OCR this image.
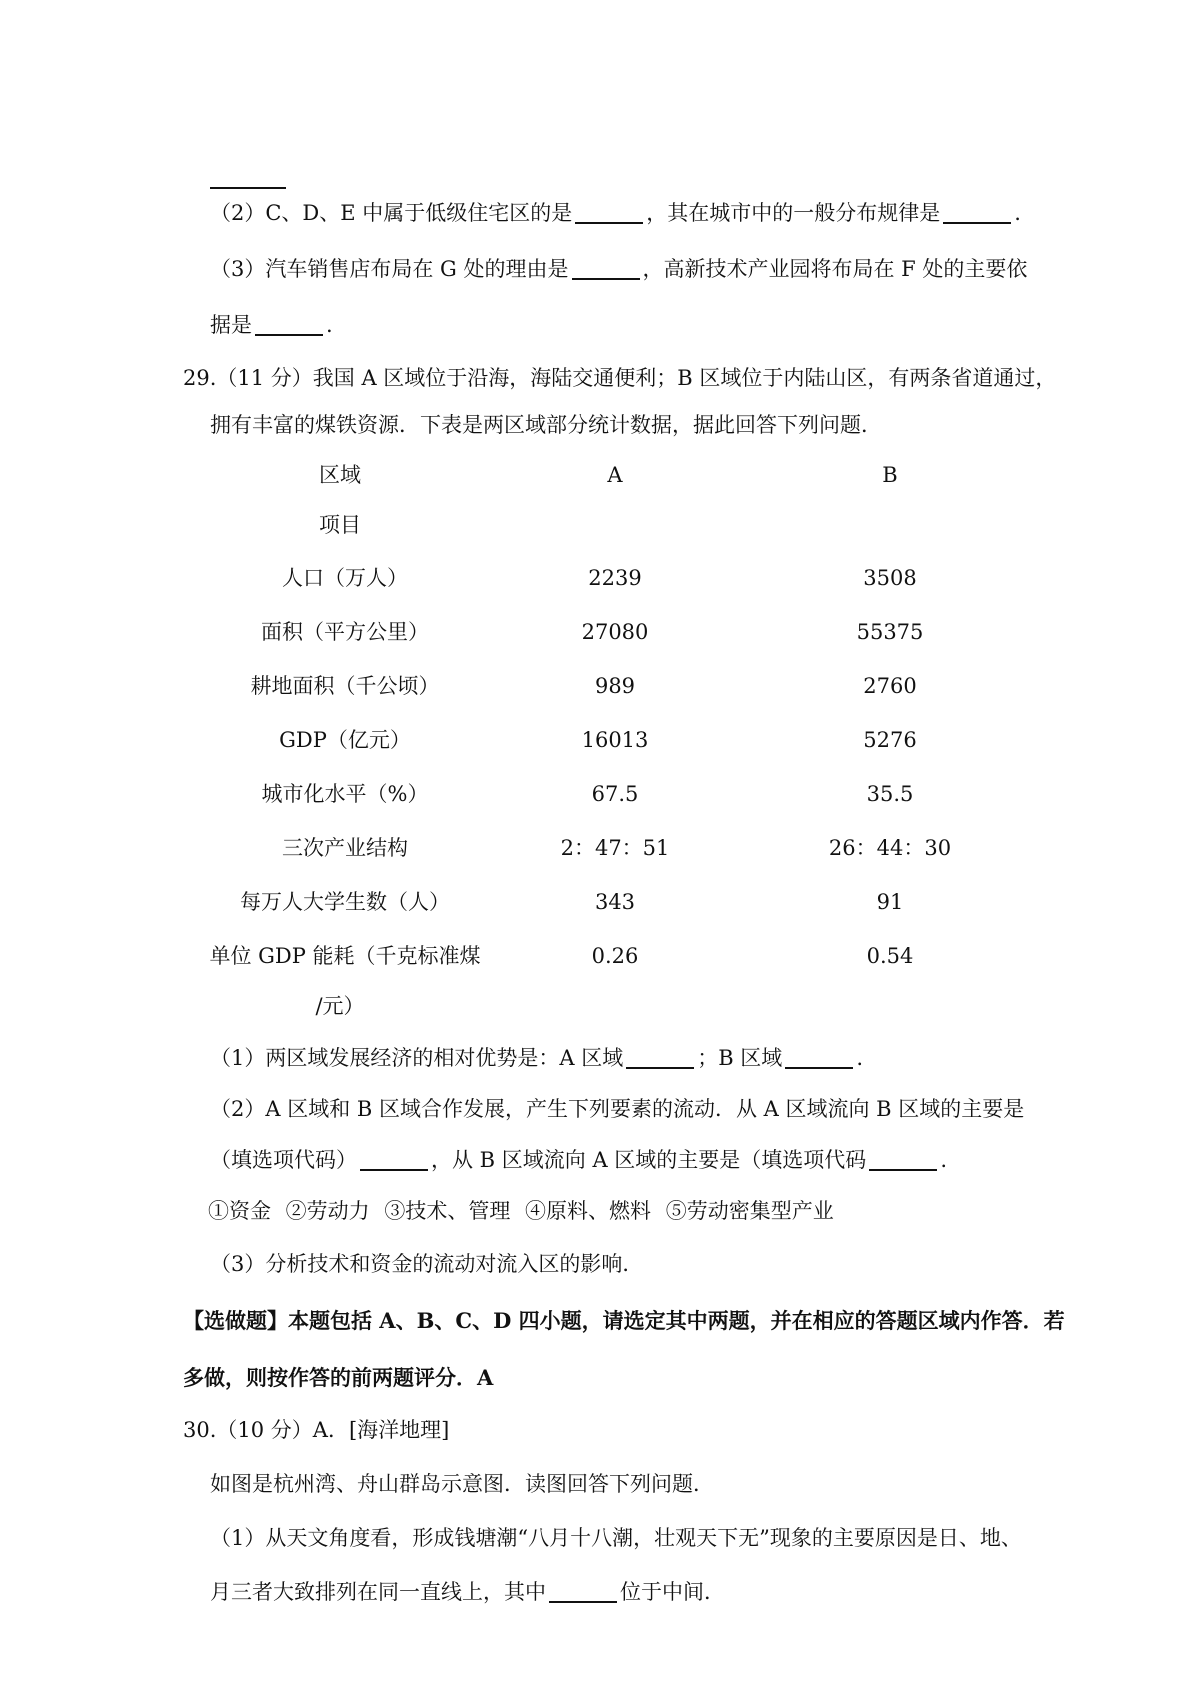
（2）C、D、E 中属于低级住宅区的是	，其在城市中的一般分布规律是	.
（3）汽车销售店布局在 G 处的理由是	，高新技术产业园将布局在 F 处的主要依
据是	.
29.（11 分）我国 A 区域位于沿海，海陆交通便利；B 区域位于内陆山区，有两条省道通过，
拥有丰富的煤铁资源．下表是两区域部分统计数据，据此回答下列问题．
区域	A	B
项目
人口（万人）	2239	3508
面积（平方公里）	27080	55375
耕地面积（千公顷）	989	2760
GDP（亿元）	16013	5276
城市化水平（%）	67.5	35.5
三次产业结构	2：47：51	26：44：30
每万人大学生数（人）	343	91
单位 GDP 能耗（千克标准煤	0.26	0.54
/元）
（1）两区域发展经济的相对优势是：A 区域	；B 区域	.
（2）A 区域和 B 区域合作发展，产生下列要素的流动．从 A 区域流向 B 区域的主要是
（填选项代码）	，从 B 区域流向 A 区域的主要是（填选项代码	.
①资金 ②劳动力 ③技术、管理 ④原料、燃料 ⑤劳动密集型产业
（3）分析技术和资金的流动对流入区的影响．
【选做题】本题包括 A、B、C、D 四小题，请选定其中两题，并在相应的答题区域内作答．若
多做，则按作答的前两题评分．A
30.（10 分）A．[海洋地理]
如图是杭州湾、舟山群岛示意图．读图回答下列问题．
（1）从天文角度看，形成钱塘潮“八月十八潮，壮观天下无”现象的主要原因是日、地、
月三者大致排列在同一直线上，其中	位于中间．
